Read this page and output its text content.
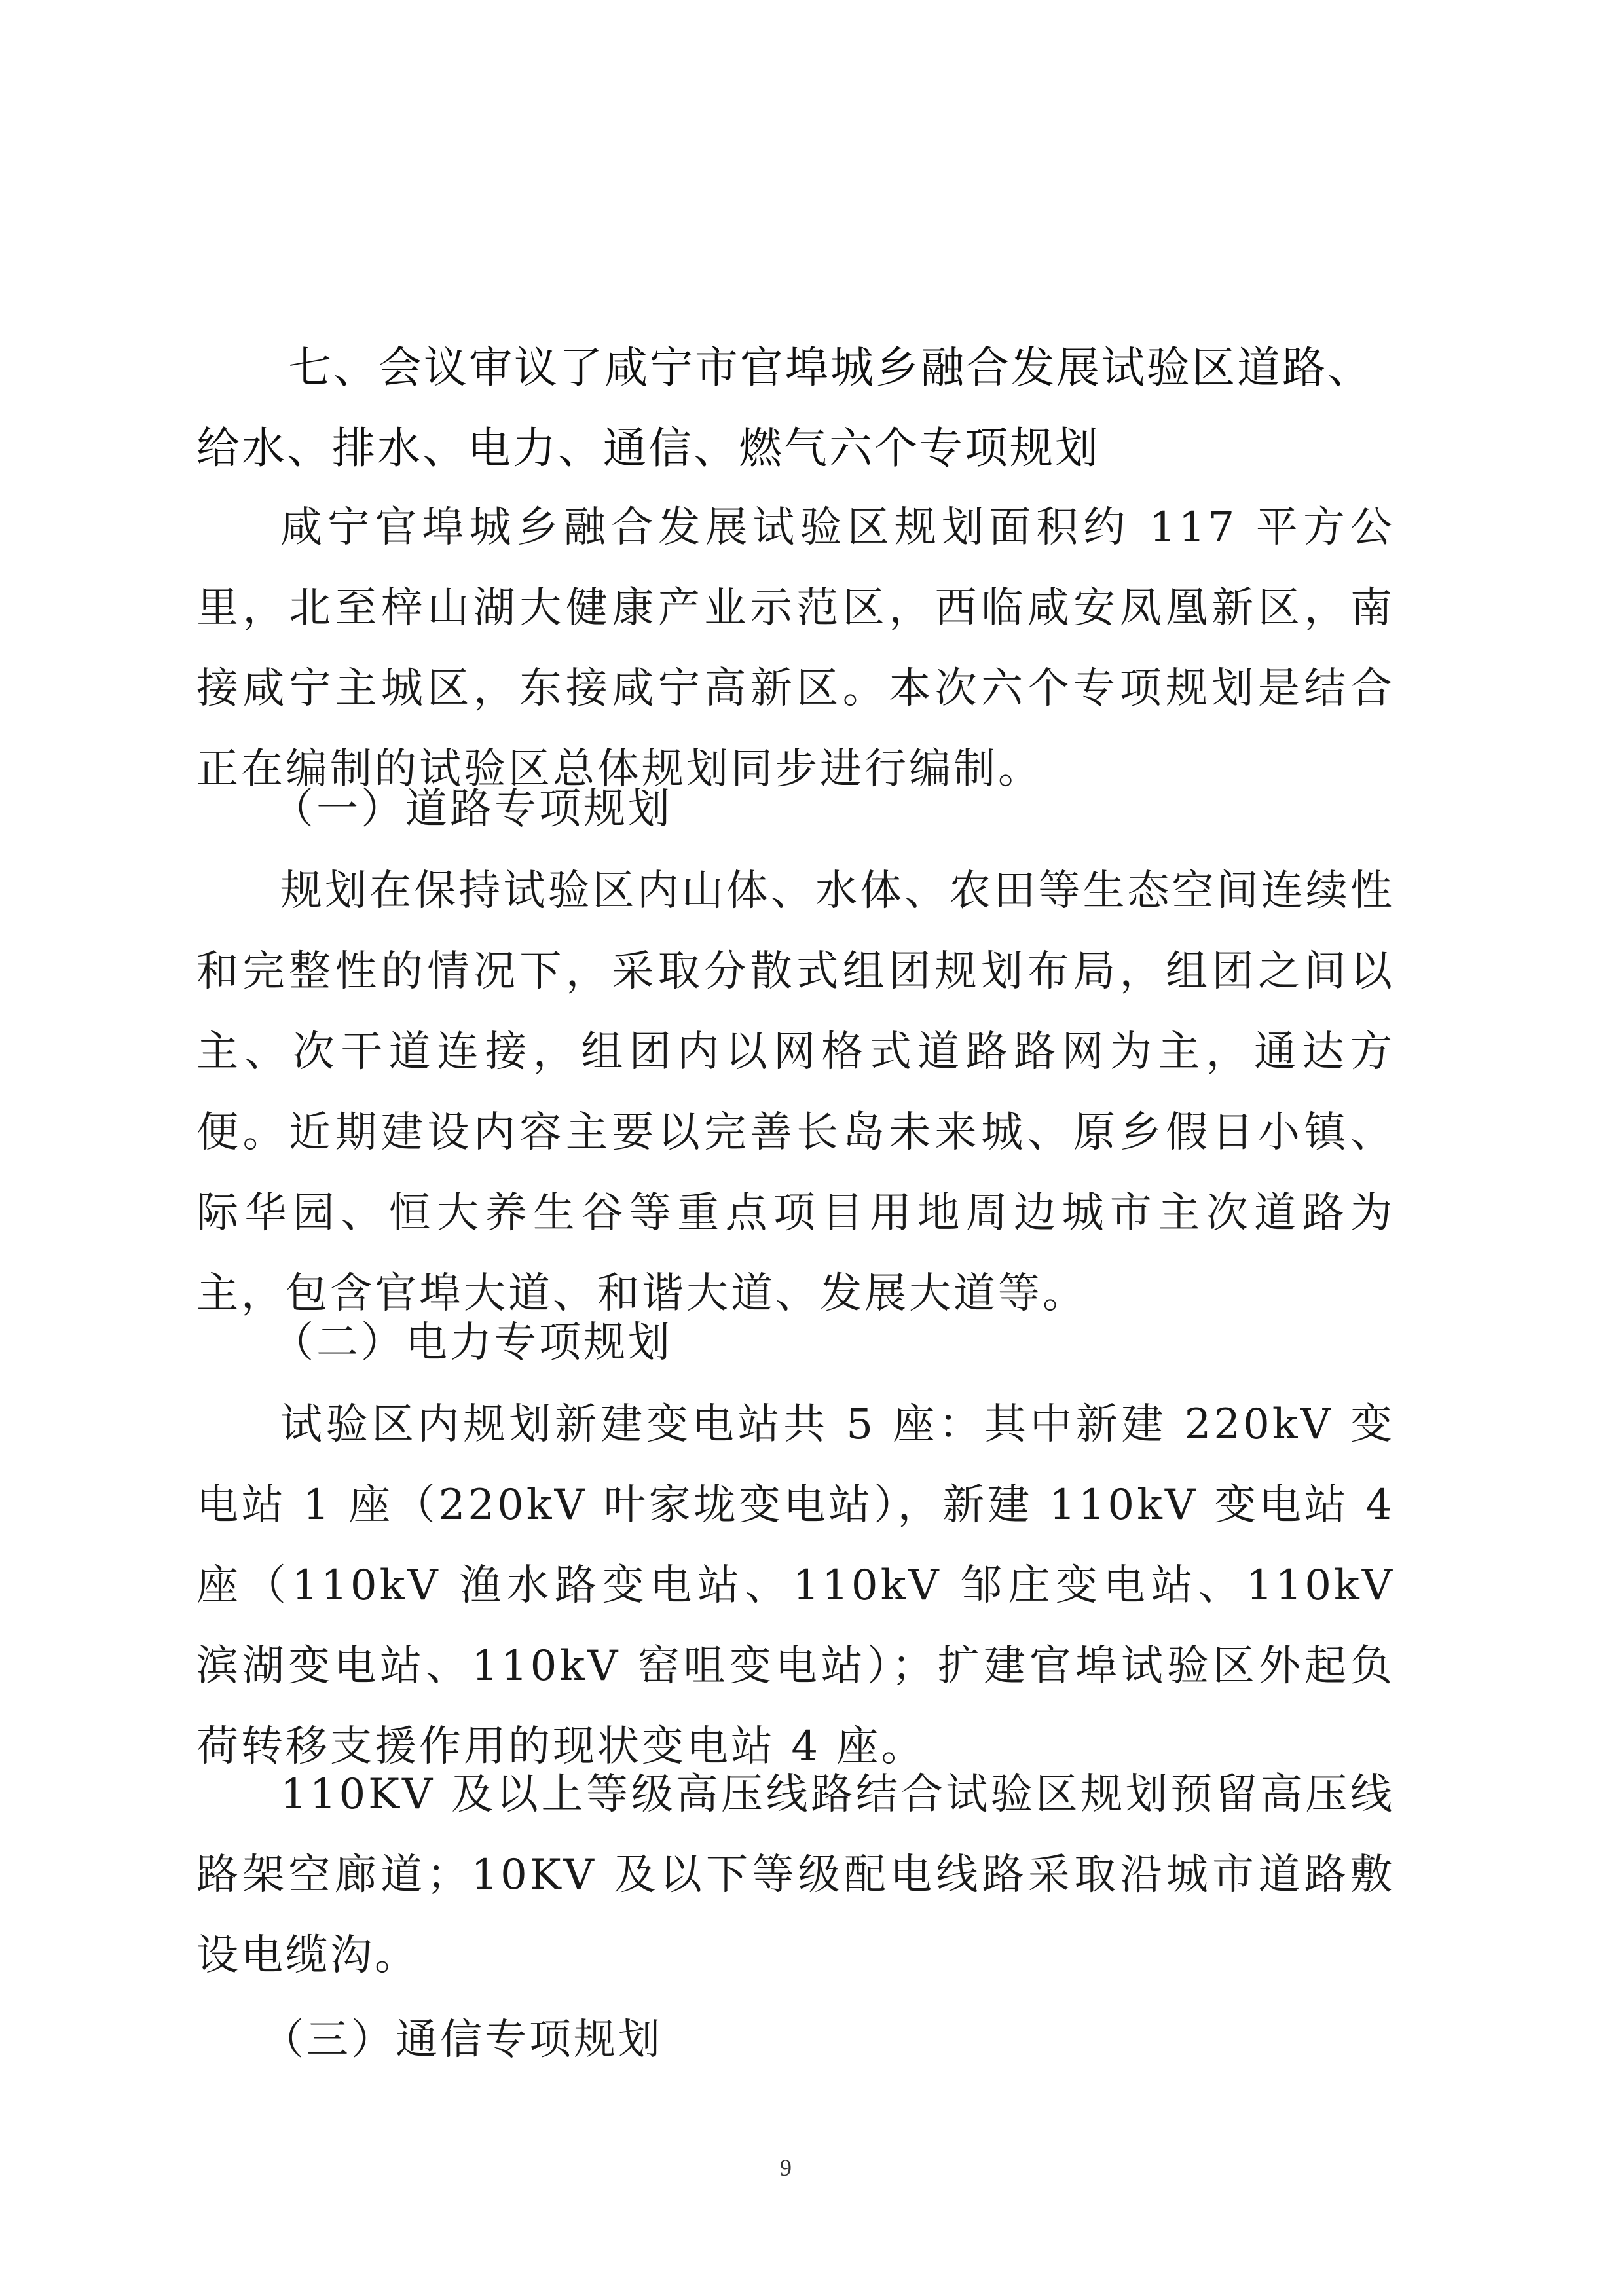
七、会议审议了咸宁市官埠城乡融合发展试验区道路、给水、排水、电力、通信、燃气六个专项规划

咸宁官埠城乡融合发展试验区规划面积约 117 平方公里，北至梓山湖大健康产业示范区，西临咸安凤凰新区，南接咸宁主城区，东接咸宁高新区。本次六个专项规划是结合正在编制的试验区总体规划同步进行编制。

（一）道路专项规划

规划在保持试验区内山体、水体、农田等生态空间连续性和完整性的情况下，采取分散式组团规划布局，组团之间以主、次干道连接，组团内以网格式道路路网为主，通达方便。近期建设内容主要以完善长岛未来城、原乡假日小镇、际华园、恒大养生谷等重点项目用地周边城市主次道路为主，包含官埠大道、和谐大道、发展大道等。

（二）电力专项规划

试验区内规划新建变电站共 5 座：其中新建 220kV 变电站 1 座（220kV 叶家垅变电站），新建 110kV 变电站 4 座（110kV 渔水路变电站、110kV 邹庄变电站、110kV 滨湖变电站、110kV 窑咀变电站）；扩建官埠试验区外起负荷转移支援作用的现状变电站 4 座。

110KV 及以上等级高压线路结合试验区规划预留高压线路架空廊道；10KV 及以下等级配电线路采取沿城市道路敷设电缆沟。

（三）通信专项规划

9
